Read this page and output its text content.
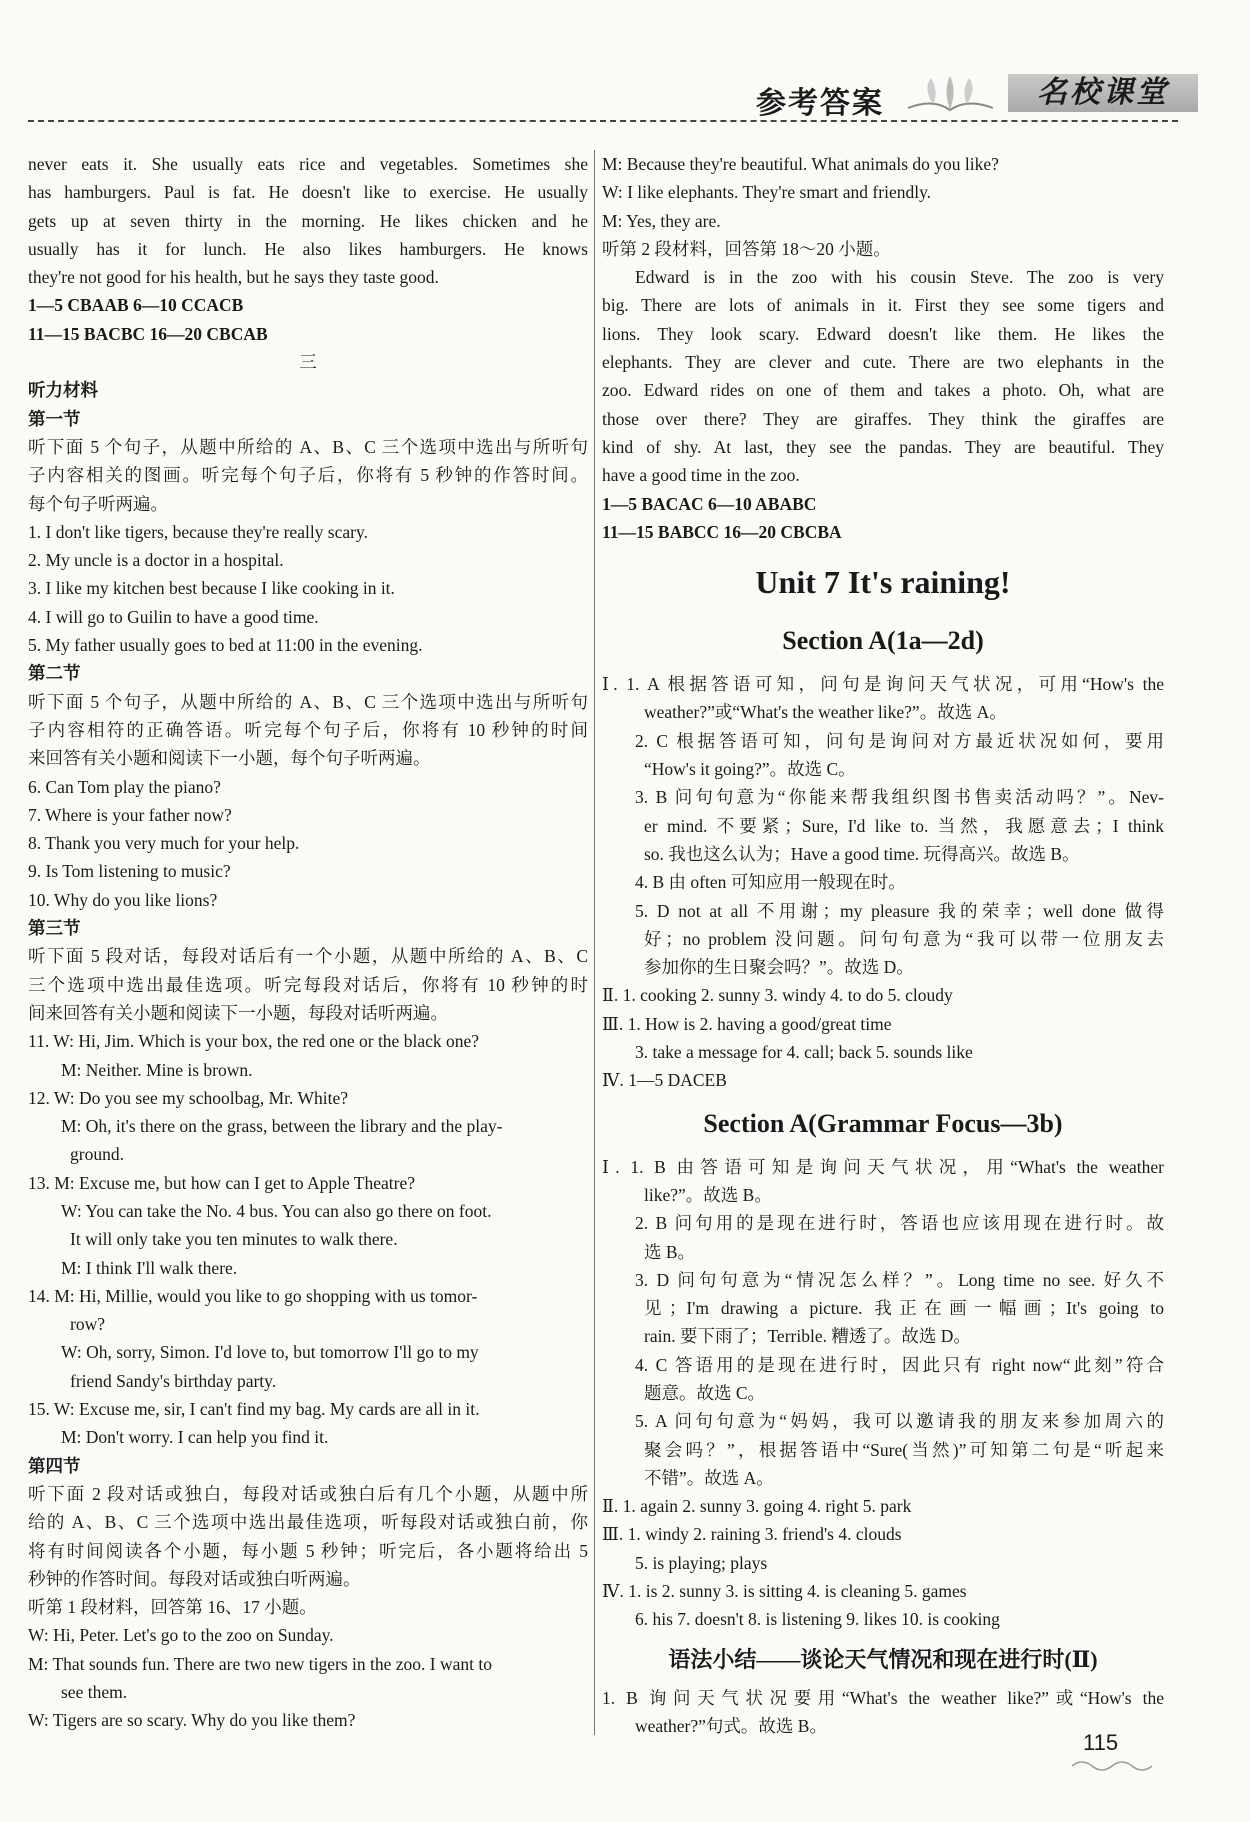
参考答案	名校课堂
never eats it. She usually eats rice and vegetables. Sometimes she
has hamburgers. Paul is fat. He doesn't like to exercise. He usually
gets up at seven thirty in the morning. He likes chicken and he
usually has it for lunch. He also likes hamburgers. He knows
they're not good for his health, but he says they taste good.
1—5 CBAAB 6—10 CCACB
11—15 BACBC 16—20 CBCAB
三
听力材料
第一节
听下面 5 个句子，从题中所给的 A、B、C 三个选项中选出与所听句
子内容相关的图画。听完每个句子后，你将有 5 秒钟的作答时间。
每个句子听两遍。
1. I don't like tigers, because they're really scary.
2. My uncle is a doctor in a hospital.
3. I like my kitchen best because I like cooking in it.
4. I will go to Guilin to have a good time.
5. My father usually goes to bed at 11:00 in the evening.
第二节
听下面 5 个句子，从题中所给的 A、B、C 三个选项中选出与所听句
子内容相符的正确答语。听完每个句子后，你将有 10 秒钟的时间
来回答有关小题和阅读下一小题，每个句子听两遍。
6. Can Tom play the piano?
7. Where is your father now?
8. Thank you very much for your help.
9. Is Tom listening to music?
10. Why do you like lions?
第三节
听下面 5 段对话，每段对话后有一个小题，从题中所给的 A、B、C
三个选项中选出最佳选项。听完每段对话后，你将有 10 秒钟的时
间来回答有关小题和阅读下一小题，每段对话听两遍。
11. W: Hi, Jim. Which is your box, the red one or the black one?
M: Neither. Mine is brown.
12. W: Do you see my schoolbag, Mr. White?
M: Oh, it's there on the grass, between the library and the play-
ground.
13. M: Excuse me, but how can I get to Apple Theatre?
W: You can take the No. 4 bus. You can also go there on foot.
It will only take you ten minutes to walk there.
M: I think I'll walk there.
14. M: Hi, Millie, would you like to go shopping with us tomor-
row?
W: Oh, sorry, Simon. I'd love to, but tomorrow I'll go to my
friend Sandy's birthday party.
15. W: Excuse me, sir, I can't find my bag. My cards are all in it.
M: Don't worry. I can help you find it.
第四节
听下面 2 段对话或独白，每段对话或独白后有几个小题，从题中所
给的 A、B、C 三个选项中选出最佳选项，听每段对话或独白前，你
将有时间阅读各个小题，每小题 5 秒钟；听完后，各小题将给出 5
秒钟的作答时间。每段对话或独白听两遍。
听第 1 段材料，回答第 16、17 小题。
W: Hi, Peter. Let's go to the zoo on Sunday.
M: That sounds fun. There are two new tigers in the zoo. I want to
see them.
W: Tigers are so scary. Why do you like them?
M: Because they're beautiful. What animals do you like?
W: I like elephants. They're smart and friendly.
M: Yes, they are.
听第 2 段材料，回答第 18～20 小题。
Edward is in the zoo with his cousin Steve. The zoo is very
big. There are lots of animals in it. First they see some tigers and
lions. They look scary. Edward doesn't like them. He likes the
elephants. They are clever and cute. There are two elephants in the
zoo. Edward rides on one of them and takes a photo. Oh, what are
those over there? They are giraffes. They think the giraffes are
kind of shy. At last, they see the pandas. They are beautiful. They
have a good time in the zoo.
1—5 BACAC 6—10 ABABC
11—15 BABCC 16—20 CBCBA
Unit 7 It's raining!
Section A(1a—2d)
Ⅰ. 1. A 根据答语可知，问句是询问天气状况，可用“How's the
weather?”或“What's the weather like?”。故选 A。
2. C 根据答语可知，问句是询问对方最近状况如何，要用
“How's it going?”。故选 C。
3. B 问句句意为“你能来帮我组织图书售卖活动吗？”。Nev-
er mind. 不要紧；Sure, I'd like to. 当然，我愿意去；I think
so. 我也这么认为；Have a good time. 玩得高兴。故选 B。
4. B 由 often 可知应用一般现在时。
5. D not at all 不用谢；my pleasure 我的荣幸；well done 做得
好；no problem 没问题。问句句意为“我可以带一位朋友去
参加你的生日聚会吗？”。故选 D。
Ⅱ. 1. cooking 2. sunny 3. windy 4. to do 5. cloudy
Ⅲ. 1. How is 2. having a good/great time
3. take a message for 4. call; back 5. sounds like
Ⅳ. 1—5 DACEB
Section A(Grammar Focus—3b)
Ⅰ. 1. B 由答语可知是询问天气状况，用“What's the weather
like?”。故选 B。
2. B 问句用的是现在进行时，答语也应该用现在进行时。故
选 B。
3. D 问句句意为“情况怎么样？”。Long time no see. 好久不
见；I'm drawing a picture. 我正在画一幅画；It's going to
rain. 要下雨了；Terrible. 糟透了。故选 D。
4. C 答语用的是现在进行时，因此只有 right now“此刻”符合
题意。故选 C。
5. A 问句句意为“妈妈，我可以邀请我的朋友来参加周六的
聚会吗？”，根据答语中“Sure(当然)”可知第二句是“听起来
不错”。故选 A。
Ⅱ. 1. again 2. sunny 3. going 4. right 5. park
Ⅲ. 1. windy 2. raining 3. friend's 4. clouds
5. is playing; plays
Ⅳ. 1. is 2. sunny 3. is sitting 4. is cleaning 5. games
6. his 7. doesn't 8. is listening 9. likes 10. is cooking
语法小结——谈论天气情况和现在进行时(Ⅱ)
1. B 询问天气状况要用“What's the weather like?”或“How's the
weather?”句式。故选 B。
115
